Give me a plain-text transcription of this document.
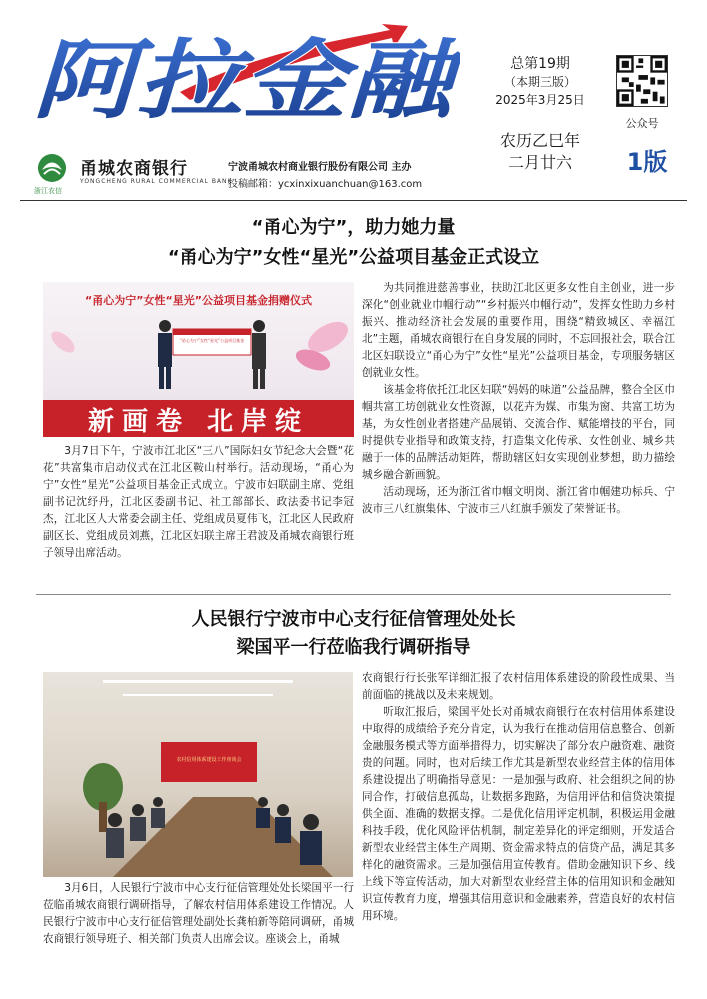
阿拉金融	总第19期
（本期三版）
2025年3月25日
农历乙巳年
二月廿六
公众号
1版
甬城农商银行
YONGCHENG RURAL COMMERCIAL BANK
浙江农信
宁波甬城农村商业银行股份有限公司 主办
投稿邮箱：ycxinxixuanchuan@163.com
“甬心为宁”，助力她力量
“甬心为宁”女性“星光”公益项目基金正式设立
“甬心为宁”女性“星光”公益项目基金捐赠仪式
“甬心为宁”女性“星光”公益项目基金
新画卷 北岸绽

3月7日下午，宁波市江北区“三八”国际妇女节纪念大会暨“花花”共富集市启动仪式在江北区鞍山村举行。活动现场，“甬心为宁”女性“星光”公益项目基金正式成立。宁波市妇联副主席、党组副书记沈纾丹，江北区委副书记、社工部部长、政法委书记李冠杰，江北区人大常委会副主任、党组成员夏伟飞，江北区人民政府副区长、党组成员刘燕，江北区妇联主席王君波及甬城农商银行班子领导出席活动。

为共同推进慈善事业，扶助江北区更多女性自主创业，进一步深化“创业就业巾帼行动”“乡村振兴巾帼行动”，发挥女性助力乡村振兴、推动经济社会发展的重要作用，围绕“精致城区、幸福江北”主题，甬城农商银行在自身发展的同时，不忘回报社会，联合江北区妇联设立“甬心为宁”女性“星光”公益项目基金，专项服务辖区创就业女性。

该基金将依托江北区妇联“妈妈的味道”公益品牌，整合全区巾帼共富工坊创就业女性资源，以花卉为媒、市集为窗、共富工坊为基，为女性创业者搭建产品展销、交流合作、赋能增技的平台，同时提供专业指导和政策支持，打造集文化传承、女性创业、城乡共融于一体的品牌活动矩阵，帮助辖区妇女实现创业梦想，助力描绘城乡融合新画貌。

活动现场，还为浙江省巾帼文明岗、浙江省巾帼建功标兵、宁波市三八红旗集体、宁波市三八红旗手颁发了荣誉证书。

人民银行宁波市中心支行征信管理处处长
梁国平一行莅临我行调研指导
农村信用体系建设工作座谈会

农商银行行长张军详细汇报了农村信用体系建设的阶段性成果、当前面临的挑战以及未来规划。

听取汇报后，梁国平处长对甬城农商银行在农村信用体系建设中取得的成绩给予充分肯定，认为我行在推动信用信息整合、创新金融服务模式等方面举措得力，切实解决了部分农户融资难、融资贵的问题。同时，也对后续工作尤其是新型农业经营主体的信用体系建设提出了明确指导意见：一是加强与政府、社会组织之间的协同合作，打破信息孤岛，让数据多跑路，为信用评估和信贷决策提供全面、准确的数据支撑。二是优化信用评定机制，积极运用金融科技手段，优化风险评估机制，制定差异化的评定细则，开发适合新型农业经营主体生产周期、资金需求特点的信贷产品，满足其多样化的融资需求。三是加强信用宣传教育。借助金融知识下乡、线上线下等宣传活动，加大对新型农业经营主体的信用知识和金融知识宣传教育力度，增强其信用意识和金融素养，营造良好的农村信用环境。

3月6日，人民银行宁波市中心支行征信管理处处长梁国平一行莅临甬城农商银行调研指导，了解农村信用体系建设工作情况。人民银行宁波市中心支行征信管理处副处长龚柏新等陪同调研，甬城农商银行领导班子、相关部门负责人出席会议。座谈会上，甬城
